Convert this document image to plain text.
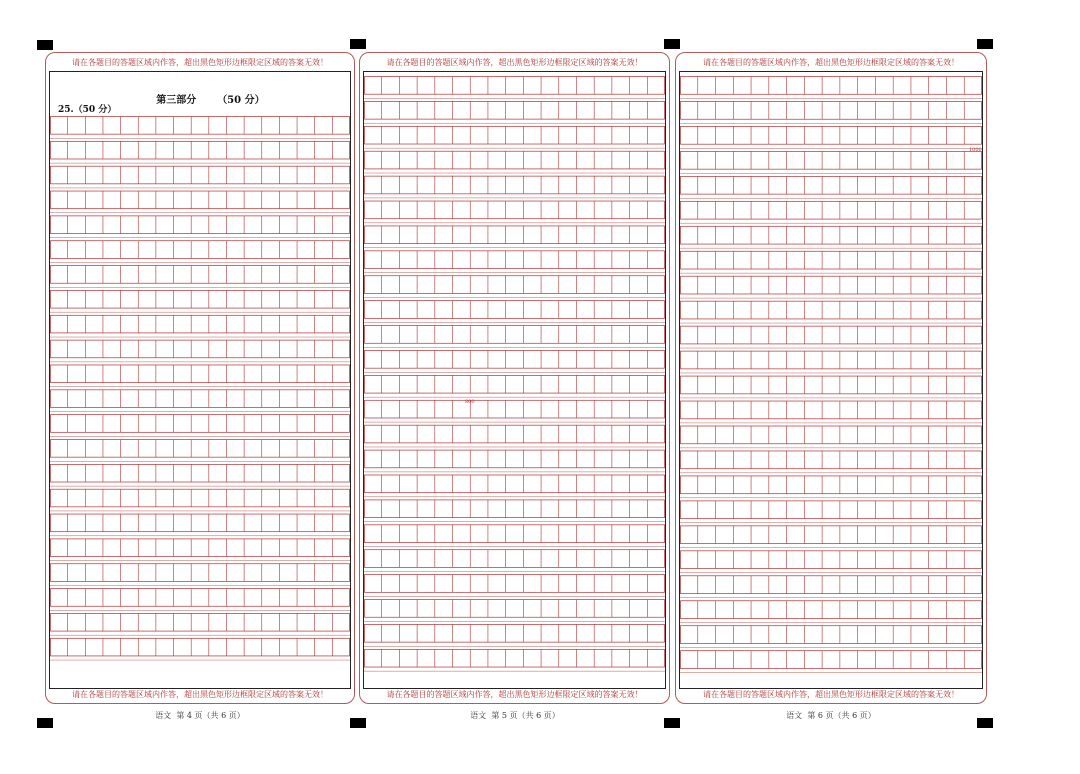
请在各题目的答题区域内作答，超出黑色矩形边框限定区域的答案无效！

第三部分 （50 分）

25.（50 分）
请在各题目的答题区域内作答，超出黑色矩形边框限定区域的答案无效！
请在各题目的答题区域内作答，超出黑色矩形边框限定区域的答案无效！
800
请在各题目的答题区域内作答，超出黑色矩形边框限定区域的答案无效！
请在各题目的答题区域内作答，超出黑色矩形边框限定区域的答案无效！
1000
请在各题目的答题区域内作答，超出黑色矩形边框限定区域的答案无效！
语文  第 4 页（共 6 页）	语文  第 5 页（共 6 页）	语文  第 6 页（共 6 页）
